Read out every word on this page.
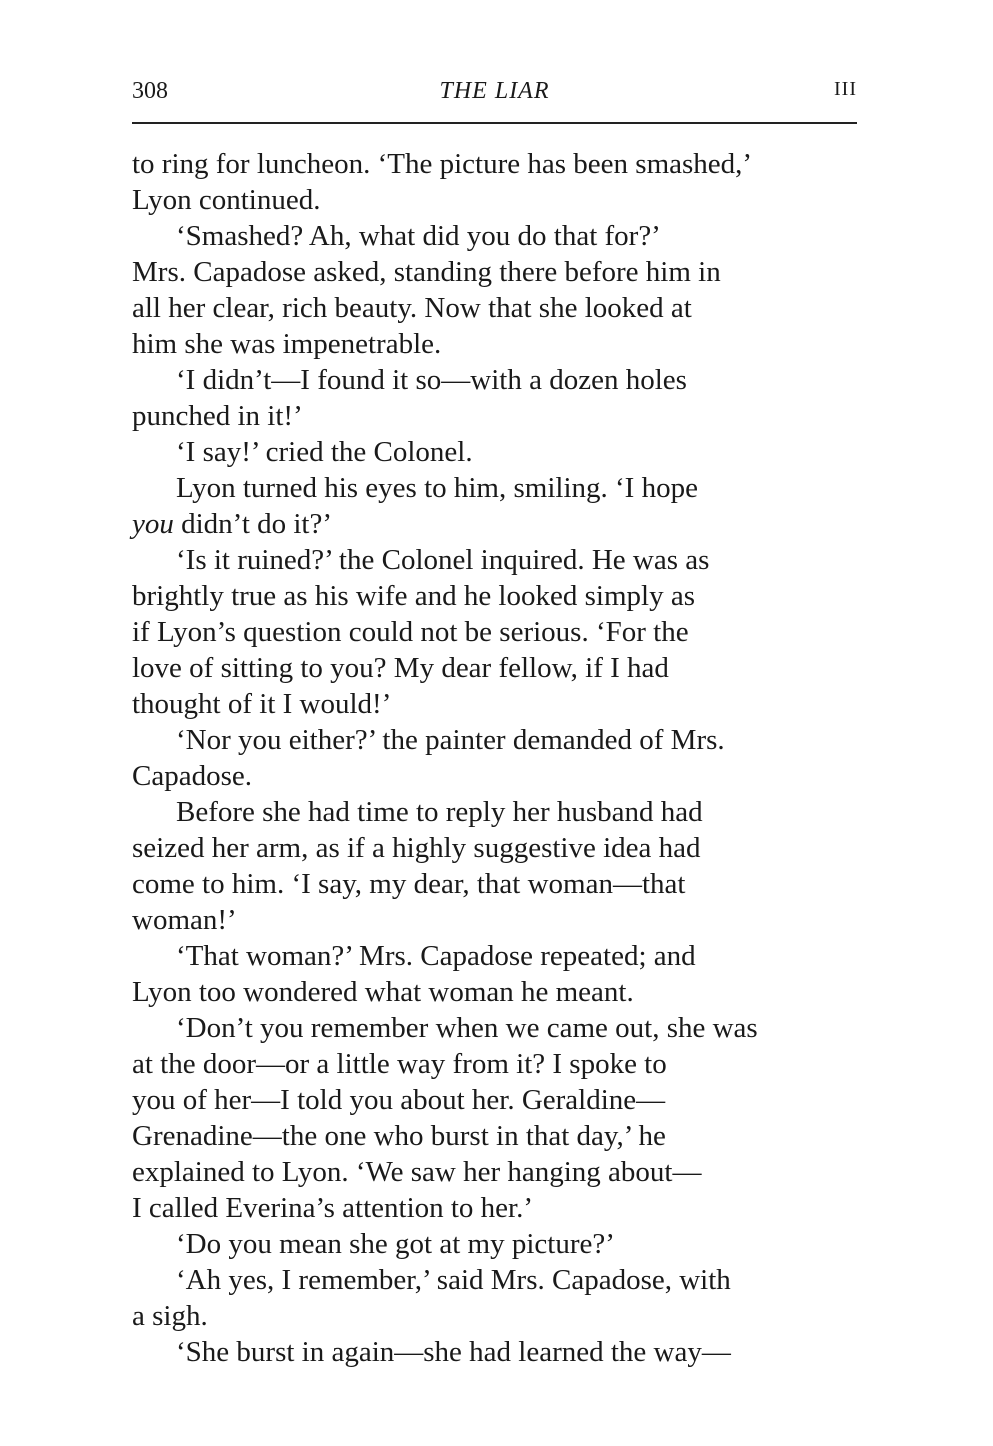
308	THE LIAR	III

to ring for luncheon. ‘The picture has been smashed,’
Lyon continued.

‘Smashed? Ah, what did you do that for?’
Mrs. Capadose asked, standing there before him in
all her clear, rich beauty. Now that she looked at
him she was impenetrable.

‘I didn’t—I found it so—with a dozen holes
punched in it!’

‘I say!’ cried the Colonel.

Lyon turned his eyes to him, smiling. ‘I hope
you didn’t do it?’

‘Is it ruined?’ the Colonel inquired. He was as
brightly true as his wife and he looked simply as
if Lyon’s question could not be serious. ‘For the
love of sitting to you? My dear fellow, if I had
thought of it I would!’

‘Nor you either?’ the painter demanded of Mrs.
Capadose.

Before she had time to reply her husband had
seized her arm, as if a highly suggestive idea had
come to him. ‘I say, my dear, that woman—that
woman!’

‘That woman?’ Mrs. Capadose repeated; and
Lyon too wondered what woman he meant.

‘Don’t you remember when we came out, she was
at the door—or a little way from it? I spoke to
you of her—I told you about her. Geraldine—
Grenadine—the one who burst in that day,’ he
explained to Lyon. ‘We saw her hanging about—
I called Everina’s attention to her.’

‘Do you mean she got at my picture?’

‘Ah yes, I remember,’ said Mrs. Capadose, with
a sigh.

‘She burst in again—she had learned the way—
